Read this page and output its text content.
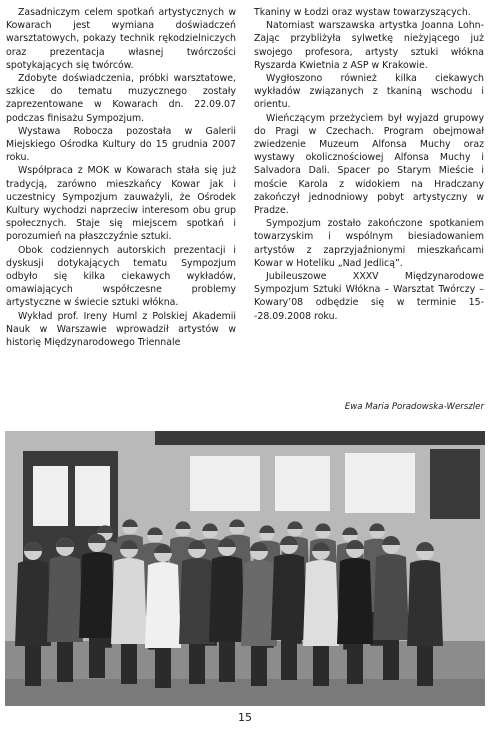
Zasadniczym celem spotkań artystycznych w Kowarach jest wymiana doświadczeń warsztatowych, pokazy technik rękodzielniczych oraz prezentacja własnej twórczości spotykających się twórców.

Zdobyte doświadczenia, próbki warsztatowe, szkice do tematu muzycznego zostały zaprezentowane w Kowarach dn. 22.09.07 podczas finisażu Sympozjum.

Wystawa Robocza pozostała w Galerii Miejskiego Ośrodka Kultury do 15 grudnia 2007 roku.

Współpraca z MOK w Kowarach stała się już tradycją, zarówno mieszkańcy Kowar jak i uczestnicy Sympozjum zauważyli, że Ośrodek Kultury wychodzi naprzeciw interesom obu grup społecznych. Staje się miejscem spotkań i porozumień na płaszczyźnie sztuki.

Obok codziennych autorskich prezentacji i dyskusji dotykających tematu Sympozjum odbyło się kilka ciekawych wykładów, omawiających współczesne problemy artystyczne w świecie sztuki włókna.

Wykład prof. Ireny Huml z Polskiej Akademii Nauk w Warszawie wprowadził artystów w historię Międzynarodowego Triennale

Tkaniny w Łodzi oraz wystaw towarzyszących.

Natomiast warszawska artystka Joanna Lohn-Zając przybliżyła sylwetkę nieżyjącego już swojego profesora, artysty sztuki włókna Ryszarda Kwietnia z ASP w Krakowie.

Wygłoszono również kilka ciekawych wykładów związanych z tkaniną wschodu i orientu.

Wieńczącym przeżyciem był wyjazd grupowy do Pragi w Czechach. Program obejmował zwiedzenie Muzeum Alfonsa Muchy oraz wystawy okolicznościowej Alfonsa Muchy i Salvadora Dali. Spacer po Starym Mieście i moście Karola z widokiem na Hradczany zakończył jednodniowy pobyt artystyczny w Pradze.

Sympozjum zostało zakończone spotkaniem towarzyskim i wspólnym biesiadowaniem artystów z zaprzyjaźnionymi mieszkańcami Kowar w Hoteliku „Nad Jedlicą”.

Jubileuszowe XXXV Międzynarodowe Sympozjum Sztuki Włókna – Warsztat Twórczy – Kowary’08 odbędzie się w terminie 15--28.09.2008 roku.

Ewa Maria Poradowska-Werszler
15
